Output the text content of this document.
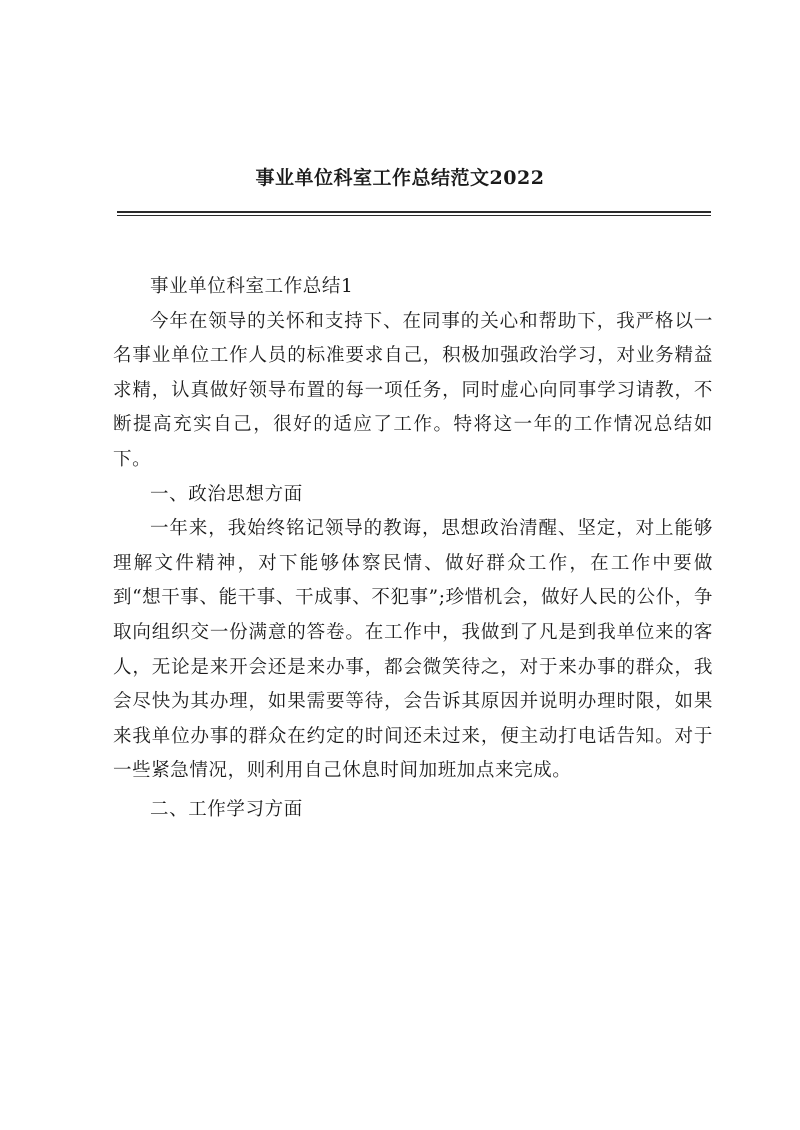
事业单位科室工作总结范文2022

事业单位科室工作总结1

今年在领导的关怀和支持下、在同事的关心和帮助下，我严格以一名事业单位工作人员的标准要求自己，积极加强政治学习，对业务精益求精，认真做好领导布置的每一项任务，同时虚心向同事学习请教，不断提高充实自己，很好的适应了工作。特将这一年的工作情况总结如下。

一、政治思想方面

一年来，我始终铭记领导的教诲，思想政治清醒、坚定，对上能够理解文件精神，对下能够体察民情、做好群众工作，在工作中要做到“想干事、能干事、干成事、不犯事”;珍惜机会，做好人民的公仆，争取向组织交一份满意的答卷。在工作中，我做到了凡是到我单位来的客人，无论是来开会还是来办事，都会微笑待之，对于来办事的群众，我会尽快为其办理，如果需要等待，会告诉其原因并说明办理时限，如果来我单位办事的群众在约定的时间还未过来，便主动打电话告知。对于一些紧急情况，则利用自己休息时间加班加点来完成。

二、工作学习方面
